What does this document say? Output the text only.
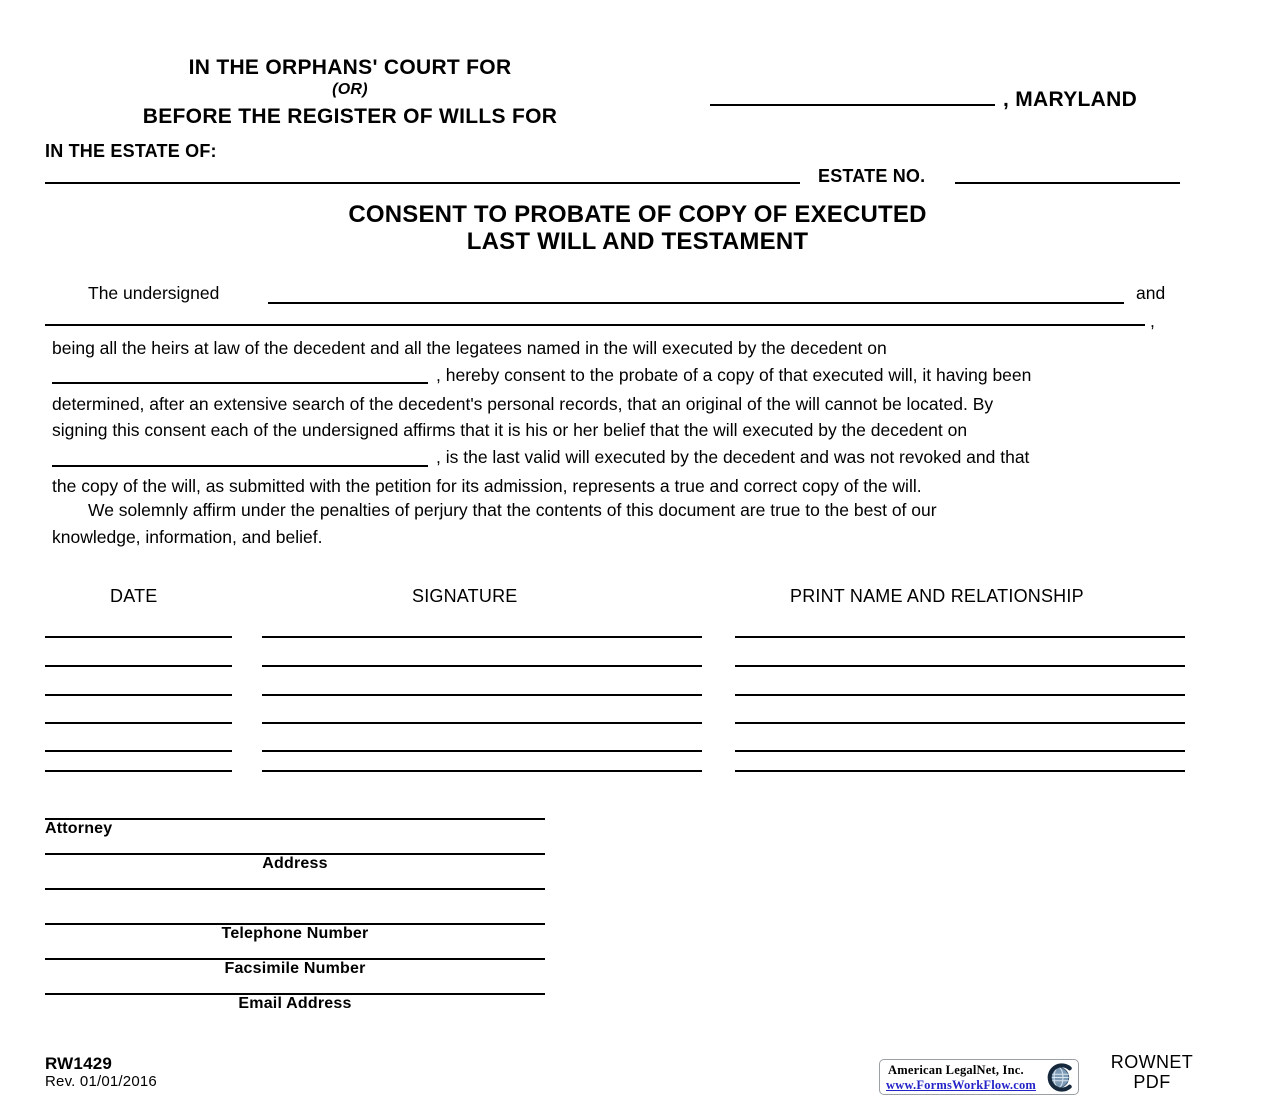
IN THE ORPHANS' COURT FOR
(OR)
BEFORE THE REGISTER OF WILLS FOR
, MARYLAND
IN THE ESTATE OF:
ESTATE NO.
CONSENT TO PROBATE OF COPY OF EXECUTED
LAST WILL AND TESTAMENT
The undersigned	and
,
being all the heirs at law of the decedent and all the legatees named in the will executed by the decedent on
, hereby consent to the probate of a copy of that executed will, it having been
determined, after an extensive search of the decedent's personal records, that an original of the will cannot be located. By
signing this consent each of the undersigned affirms that it is his or her belief that the will executed by the decedent on
, is the last valid will executed by the decedent and was not revoked and that
the copy of the will, as submitted with the petition for its admission, represents a true and correct copy of the will.
We solemnly affirm under the penalties of perjury that the contents of this document are true to the best of our
knowledge, information, and belief.
DATE	SIGNATURE	PRINT NAME AND RELATIONSHIP
Attorney
Address
Telephone Number
Facsimile Number
Email Address
RW1429
Rev. 01/01/2016
American LegalNet, Inc.
www.FormsWorkFlow.com
ROWNET
PDF
